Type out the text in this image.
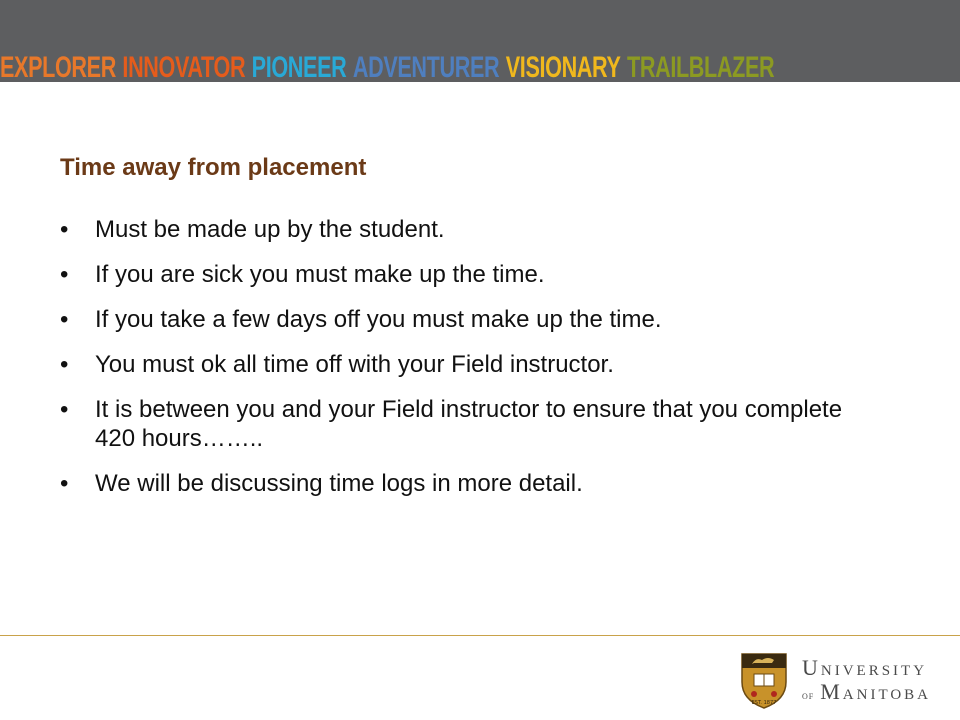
EXPLORER INNOVATOR PIONEER ADVENTURER VISIONARY TRAILBLAZER
Time away from placement
• Must be made up by the student.
• If you are sick you must make up the time.
• If you take a few days off you must make up the time.
• You must ok all time off with your Field instructor.
• It is between you and your Field instructor to ensure that you complete 420 hours……..
• We will be discussing time logs in more detail.
EST. 1877
University
of Manitoba
